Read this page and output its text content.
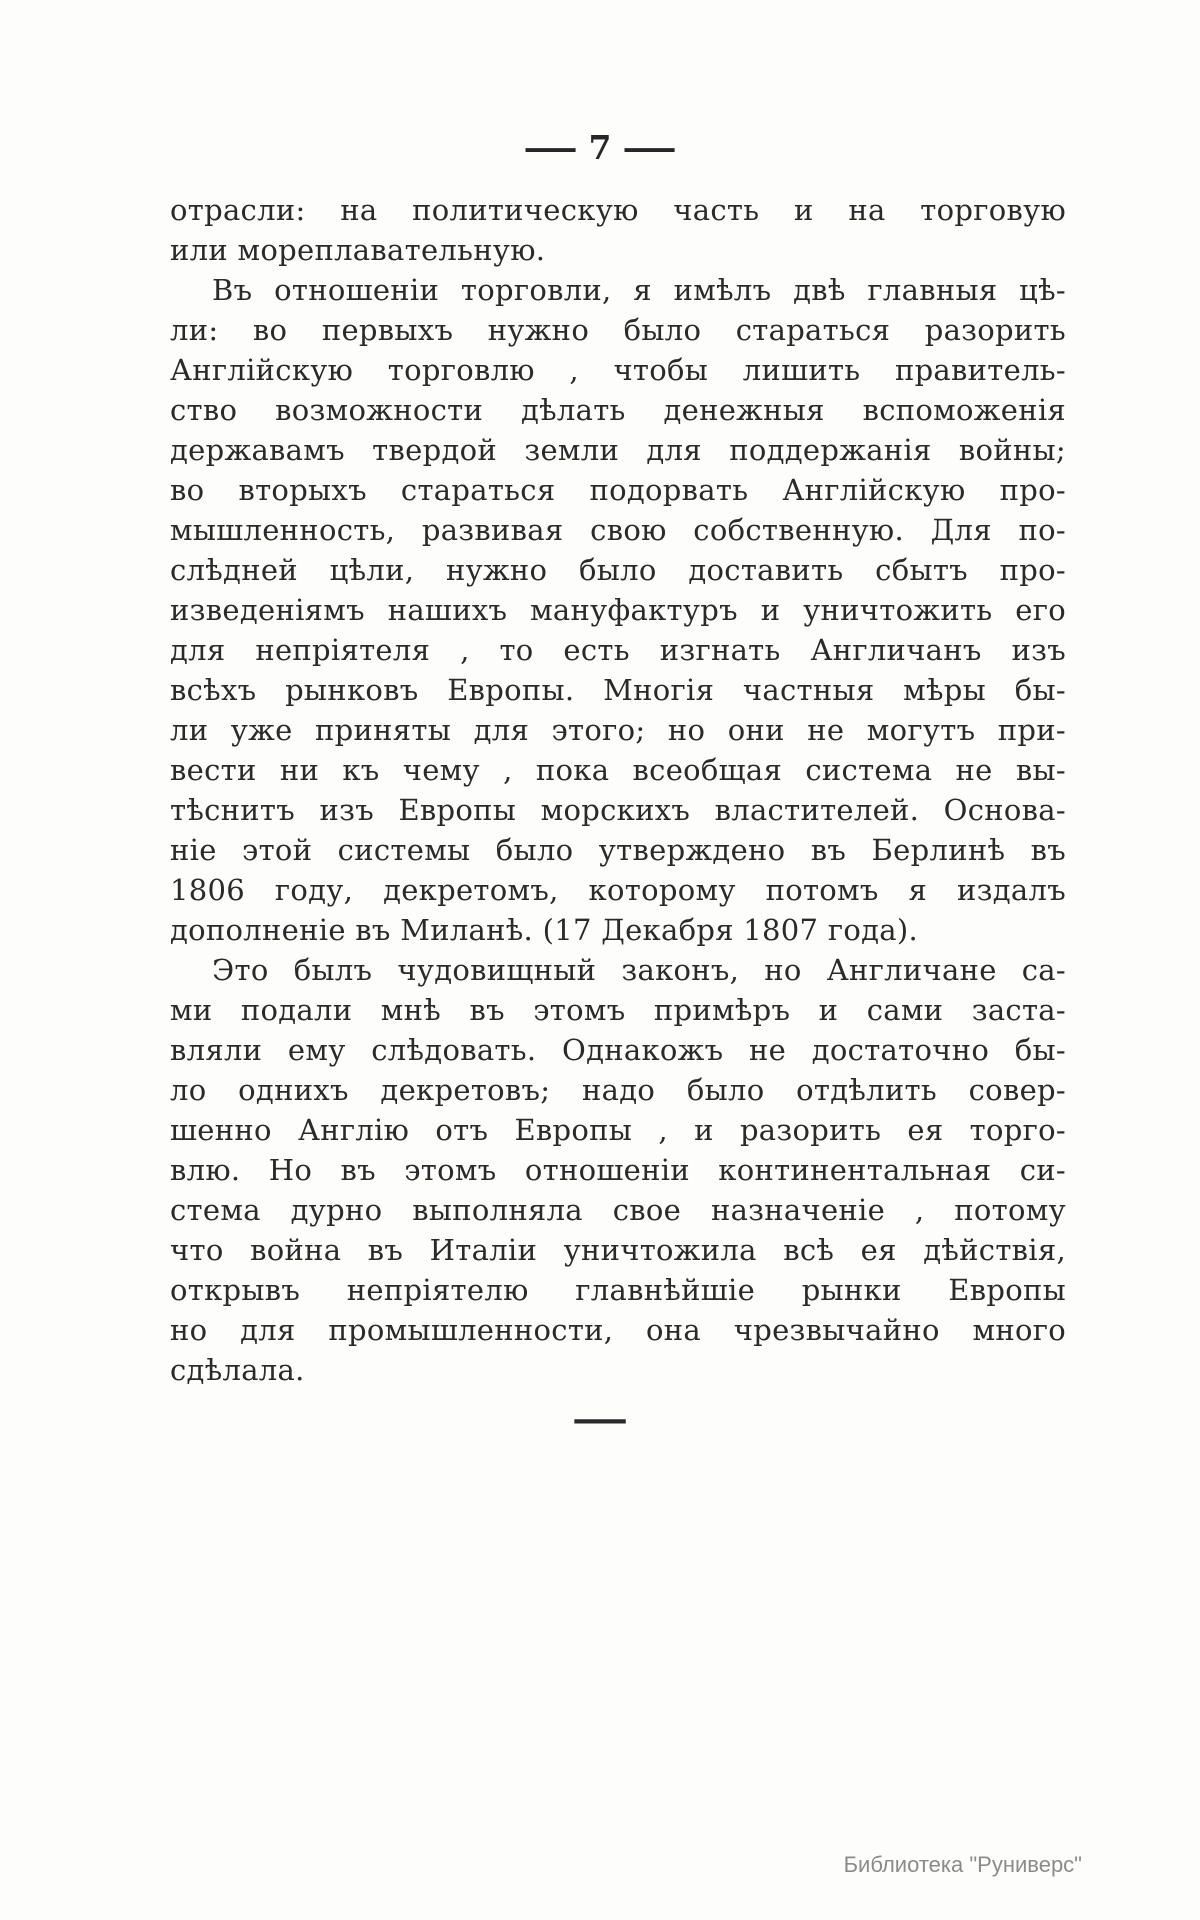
— 7 —
отрасли: на политическую часть и на торговую
или мореплавательную.
Въ отношеніи торговли, я имѣлъ двѣ главныя цѣ-
ли: во первыхъ нужно было стараться разорить
Англійскую торговлю , чтобы лишить правитель-
ство возможности дѣлать денежныя вспоможенія
державамъ твердой земли для поддержанія войны;
во вторыхъ стараться подорвать Англійскую про-
мышленность, развивая свою собственную. Для по-
слѣдней цѣли, нужно было доставить сбытъ про-
изведеніямъ нашихъ мануфактуръ и уничтожить его
для непріятеля , то есть изгнать Англичанъ изъ
всѣхъ рынковъ Европы. Многія частныя мѣры бы-
ли уже приняты для этого; но они не могутъ при-
вести ни къ чему , пока всеобщая система не вы-
тѣснитъ изъ Европы морскихъ властителей. Основа-
ніе этой системы было утверждено въ Берлинѣ въ
1806 году, декретомъ, которому потомъ я издалъ
дополненіе въ Миланѣ. (17 Декабря 1807 года).
Это былъ чудовищный законъ, но Англичане са-
ми подали мнѣ въ этомъ примѣръ и сами заста-
вляли ему слѣдовать. Однакожъ не достаточно бы-
ло однихъ декретовъ; надо было отдѣлить совер-
шенно Англію отъ Европы , и разорить ея торго-
влю. Но въ этомъ отношеніи континентальная си-
стема дурно выполняла свое назначеніе , потому
что война въ Италіи уничтожила всѣ ея дѣйствія,
открывъ непріятелю главнѣйшіе рынки Европы
но для промышленности, она чрезвычайно много
сдѣлала.
—
Библиотека "Руниверс"
